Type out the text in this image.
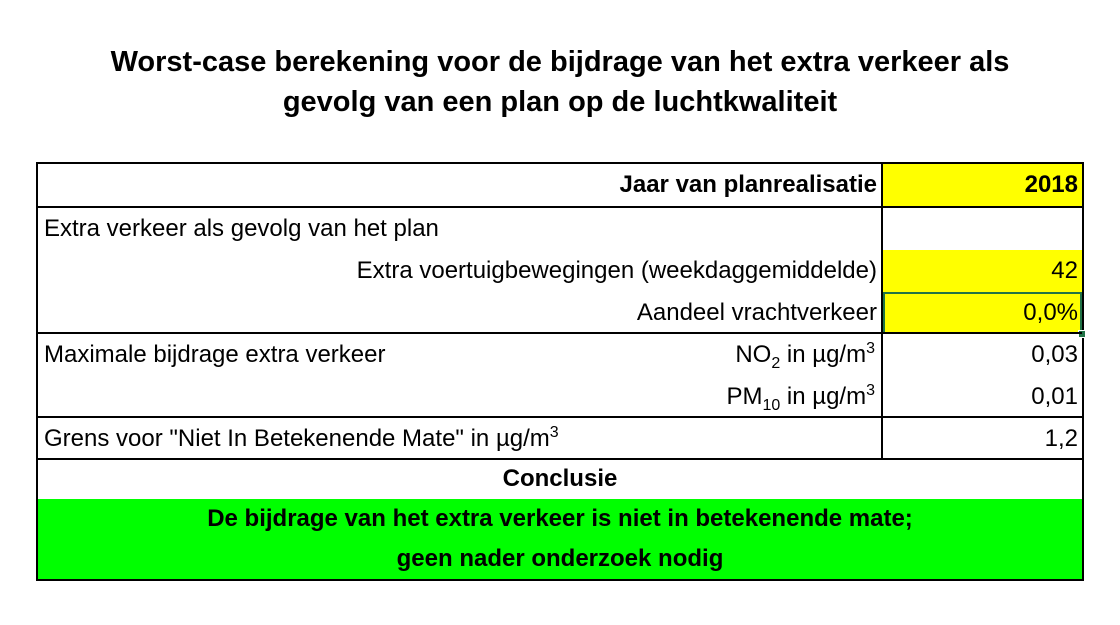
Worst-case berekening voor de bijdrage van het extra verkeer als
gevolg van een plan op de luchtkwaliteit
Jaar van planrealisatie	2018
Extra verkeer als gevolg van het plan
Extra voertuigbewegingen (weekdaggemiddelde)	42
Aandeel vrachtverkeer	0,0%
Maximale bijdrage extra verkeer	$NO_2$ in $\mu g/m^3$	0,03
$PM_{10}$ in $\mu g/m^3$	0,01
Grens voor "Niet In Betekenende Mate" in $\mu g/m^3$	1,2
Conclusie
De bijdrage van het extra verkeer is niet in betekenende mate;
geen nader onderzoek nodig
